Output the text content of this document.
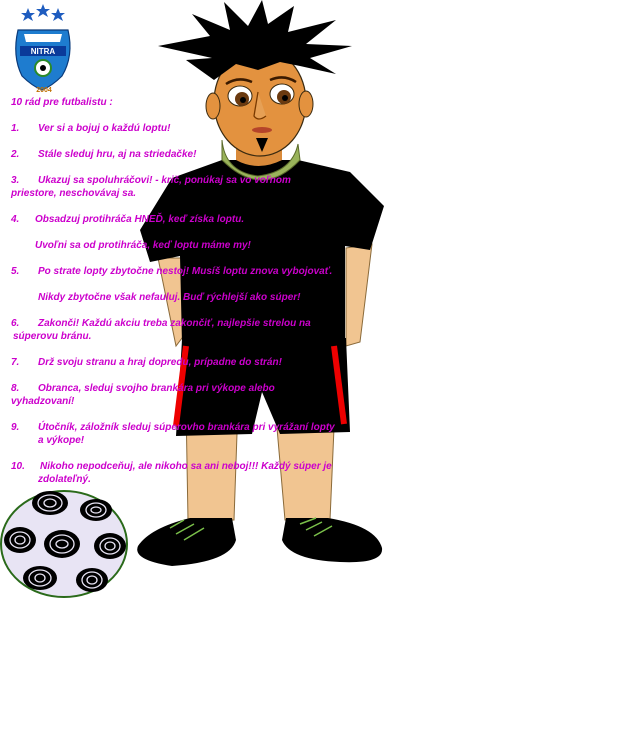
NITRA
2004
10 rád pre futbalistu :
1. Ver si a bojuj o každú loptu!
2. Stále sleduj hru, aj na striedačke!
3. Ukazuj sa spoluhráčovi! - krič, ponúkaj sa vo voľnom
priestore, neschovávaj sa.
4. Obsadzuj protihráča HNEĎ, keď získa loptu.
Uvoľni sa od protihráča, keď loptu máme my!
5. Po strate lopty zbytočne nestoj! Musíš loptu znova vybojovať.
Nikdy zbytočne však nefauluj. Buď rýchlejší ako súper!
6. Zakonči! Každú akciu treba zakončiť, najlepšie strelou na
súperovu bránu.
7. Drž svoju stranu a hraj dopredu, prípadne do strán!
8. Obranca, sleduj svojho brankára pri výkope alebo
vyhadzovaní!
9. Útočník, záložník sleduj súperovho brankára pri vyrážaní lopty
a výkope!
10. Nikoho nepodceňuj, ale nikoho sa ani neboj!!! Každý súper je
zdolateľný.
